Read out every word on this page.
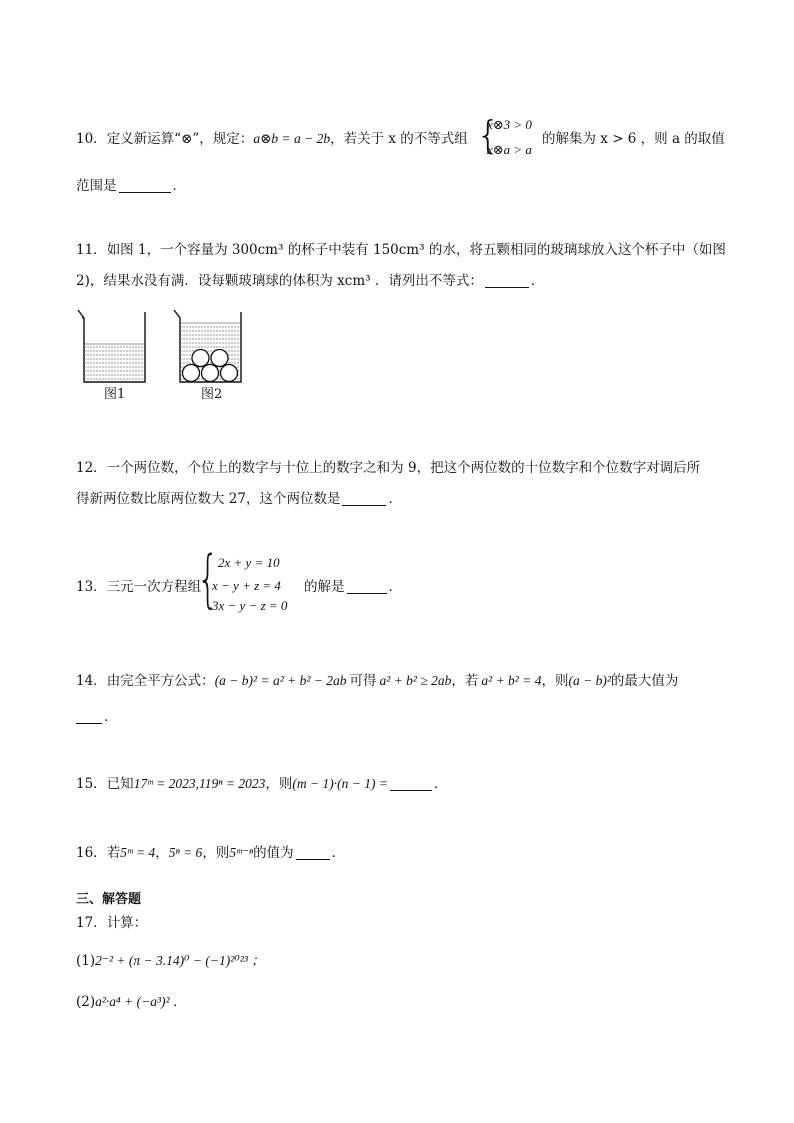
10．定义新运算“⊗”，规定：a⊗b = a − 2b，若关于 x 的不等式组 {
x⊗3 > 0
x⊗a > a
的解集为 x > 6 ，则 a 的取值
范围是	．
11．如图 1，一个容量为 300cm³ 的杯子中装有 150cm³ 的水，将五颗相同的玻璃球放入这个杯子中（如图
2)，结果水没有满．设每颗玻璃球的体积为 xcm³ ．请列出不等式：	．
图1	图2
12．一个两位数，个位上的数字与十位上的数字之和为 9，把这个两位数的十位数字和个位数字对调后所
得新两位数比原两位数大 27，这个两位数是	．
13．三元一次方程组
{ 2x + y = 10
x − y + z = 4
3x − y − z = 0
的解是	．
14．由完全平方公式：(a − b)² = a² + b² − 2ab 可得 a² + b² ≥ 2ab，若 a² + b² = 4，则(a − b)²的最大值为
．
15．已知17ᵐ = 2023,119ⁿ = 2023，则(m − 1)·(n − 1) =	．
16．若5ᵐ = 4，5ⁿ = 6，则5ᵐ⁻ⁿ的值为	．
三、解答题
17．计算：
(1)2⁻² + (π − 3.14)⁰ − (−1)²⁰²³ ；
(2)a²·a⁴ + (−a³)² ．
